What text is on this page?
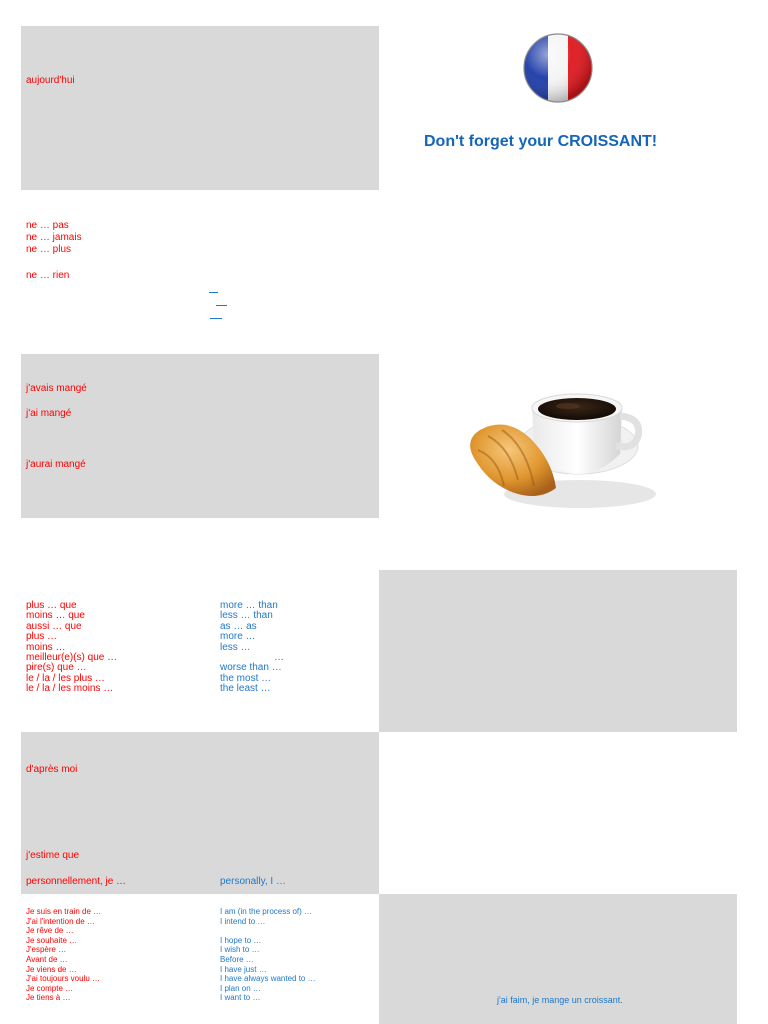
aujourd'hui
Don't forget your CROISSANT!
ne … pas
ne … jamais
ne … plus
ne … rien
j'avais mangé
j'ai mangé
j'aurai mangé
plus … que
moins … que
aussi … que
plus …
moins …
meilleur(e)(s) que …
pire(s) que …
le / la / les plus …
le / la / les moins …
more … than
less … than
as … as
more …
less …
…
worse than …
the most …
the least …
d'après moi
j'estime que
personnellement, je …	personally, I …
Je suis en train de …
J'ai l'intention de …
Je rêve de …
Je souhaite …
J'espère …
Avant de …
Je viens de …
J'ai toujours voulu …
Je compte …
Je tiens à …
I am (in the process of) …
I intend to …
I hope to …
I wish to …
Before …
I have just …
I have always wanted to …
I plan on …
I want to …	j'ai faim, je mange un croissant.
